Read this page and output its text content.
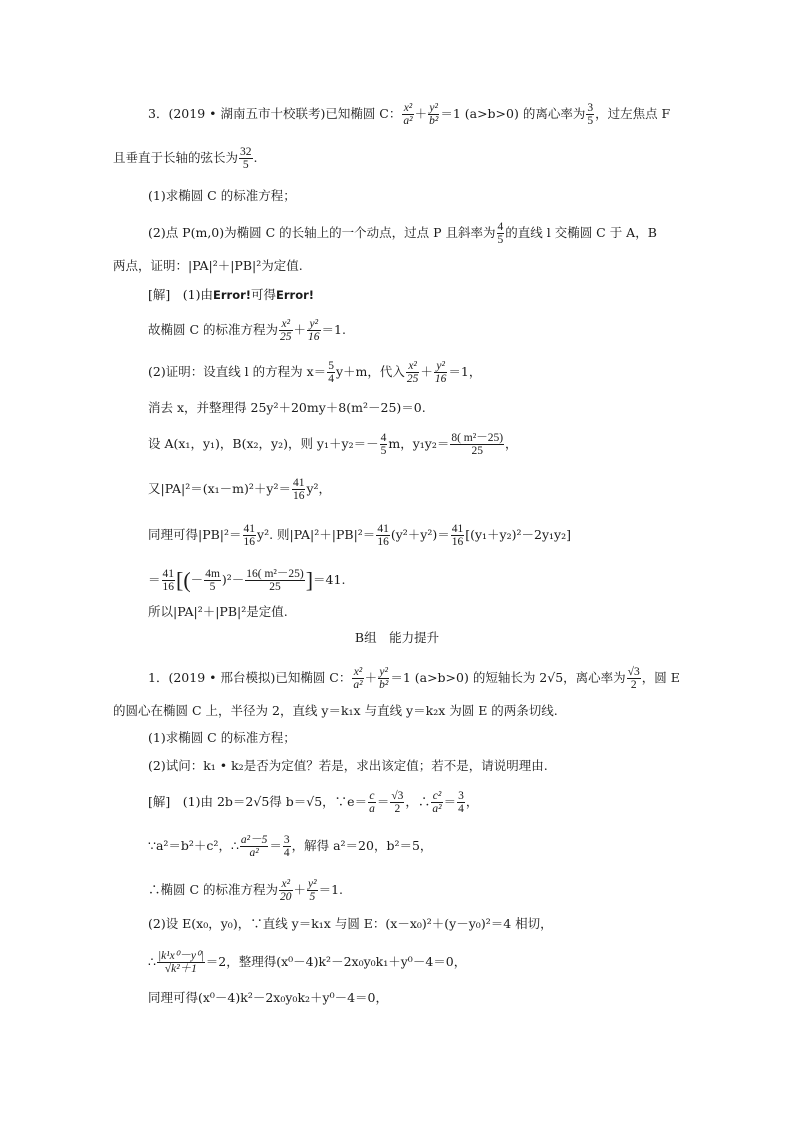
3．(2019 • 湖南五市十校联考)已知椭圆 C： $\frac{\text{x²}}{\text{a²}} + \frac{\text{y²}}{\text{b²}} =1$ (a>b>0) 的离心率为 $\frac{3}{5}$ ，过左焦点 F
且垂直于长轴的弦长为 $\frac{32}{5}$ .
(1)求椭圆 C 的标准方程；
(2)点 P(m,0)为椭圆 C 的长轴上的一个动点，过点 P 且斜率为 $\frac{4}{5}$ 的直线 l 交椭圆 C 于 A，B
两点，证明：|PA|²＋|PB|²为定值.
[解]　 (1)由Error!可得Error!
故椭圆 C 的标准方程为 $\frac{\text{x²}}{25} + \frac{\text{y²}}{16} =1$.
(2)证明：设直线 l 的方程为 $x= \frac{5}{4} y+m$，代入 $\frac{\text{x²}}{25} + \frac{\text{y²}}{16} =1$，
消去 x，并整理得 25y²＋20my＋8(m²－25)＝0.
设 A(x₁，y₁)，B(x₂，y₂)，则 $y_1+y_2=- \frac{4}{5}$ m，$y_1y_2= \frac{\text{8( m²－25)}}{25}$ ，
又$|PA|^2=(x_1-m)^2+y^2= \frac{41}{16} y^2$，
同理可得$|PB|^2= \frac{41}{16} y^2$. 则$|PA|^2+|PB|^2= \frac{41}{16} (y^2+y^2)= \frac{41}{16} [(y_1+y_2)^2-2y_1y_2]$
＝ $\frac{41}{16}$ [(－ $\frac{4m}{5} )^2- \frac{\text{16( m²－25)}}{25} ]=41$.
所以|PA|²＋|PB|²是定值.
B组　能力提升
1．(2019 • 邢台模拟)已知椭圆 C： $\frac{\text{x²}}{\text{a²}} + \frac{\text{y²}}{\text{b²}} =1$ (a>b>0) 的短轴长为 2√5，离心率为 $\frac{√3}{2}$ ，圆 E
的圆心在椭圆 C 上，半径为 2，直线 y＝k₁x 与直线 y＝k₂x 为圆 E 的两条切线.
(1)求椭圆 C 的标准方程；
(2)试问：k₁ • k₂是否为定值？若是，求出该定值；若不是，请说明理由.
[解]　 (1)由 2b＝2√5得 b＝√5，∵e＝ $\frac{c}{a} = \frac{√3}{2}$ ，∴ $\frac{\text{c²}}{\text{a²}} = \frac{3}{4}$ ，
∵a²＝b²＋c²，∴ $\frac{\text{a²－5}}{\text{a²}} = \frac{3}{4}$ ，解得 a²＝20，b²＝5，
∴椭圆 C 的标准方程为 $\frac{\text{x²}}{20} + \frac{\text{y²}}{5} =1$.
(2)设 E(x₀，y₀)，∵直线 y＝k₁x 与圆 E：(x－x₀)²＋(y－y₀)²＝4 相切，
∴ $\frac{\text{|k¹x⁰－y⁰|}}{\text{√k²＋1}} =2$，整理得(x⁰－4)k²－2x₀y₀k₁＋y⁰－4＝0，
同理可得(x⁰－4)k²－2x₀y₀k₂＋y⁰－4＝0，
